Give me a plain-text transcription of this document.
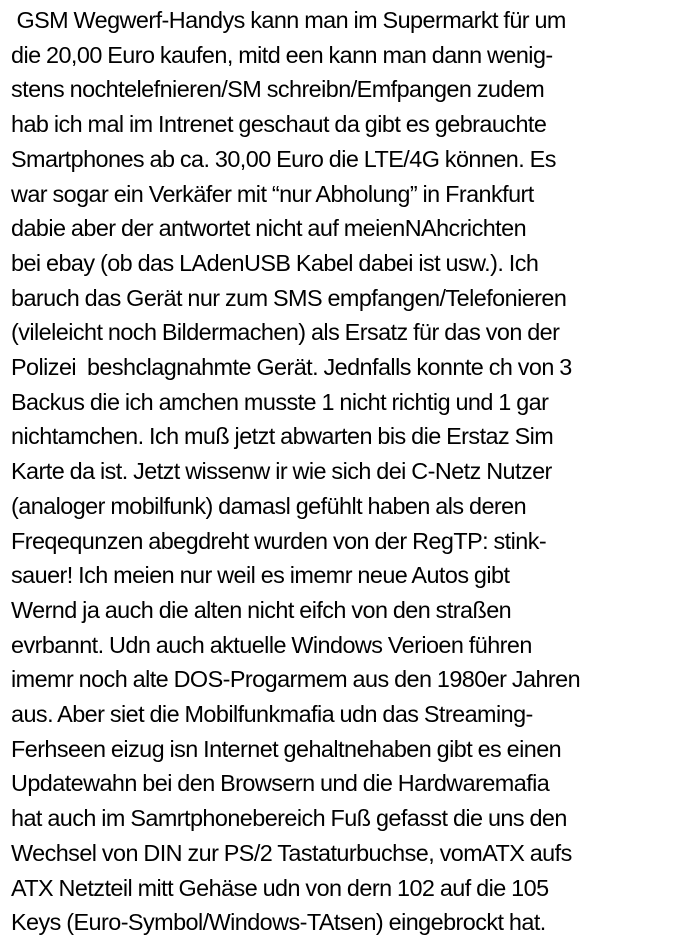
GSM Wegwerf-Handys kann man im Supermarkt für um
die 20,00 Euro kaufen, mitd een kann man dann wenig-
stens nochtelefnieren/SM schreibn/Emfpangen zudem
hab ich mal im Intrenet geschaut da gibt es gebrauchte
Smartphones ab ca. 30,00 Euro die LTE/4G können. Es
war sogar ein Verkäfer mit “nur Abholung” in Frankfurt
dabie aber der antwortet nicht auf meienNAhcrichten
bei ebay (ob das LAdenUSB Kabel dabei ist usw.). Ich
baruch das Gerät nur zum SMS empfangen/Telefonieren
(vileleicht noch Bildermachen) als Ersatz für das von der
Polizei  beshclagnahmte Gerät. Jednfalls konnte ch von 3
Backus die ich amchen musste 1 nicht richtig und 1 gar
nichtamchen. Ich muß jetzt abwarten bis die Erstaz Sim
Karte da ist. Jetzt wissenw ir wie sich dei C-Netz Nutzer
(analoger mobilfunk) damasl gefühlt haben als deren
Freqequnzen abegdreht wurden von der RegTP: stink-
sauer! Ich meien nur weil es imemr neue Autos gibt
Wernd ja auch die alten nicht eifch von den straßen
evrbannt. Udn auch aktuelle Windows Verioen führen
imemr noch alte DOS-Progarmem aus den 1980er Jahren
aus. Aber siet die Mobilfunkmafia udn das Streaming-
Ferhseen eizug isn Internet gehaltnehaben gibt es einen
Updatewahn bei den Browsern und die Hardwaremafia
hat auch im Samrtphonebereich Fuß gefasst die uns den
Wechsel von DIN zur PS/2 Tastaturbuchse, vomATX aufs
ATX Netzteil mitt Gehäse udn von dern 102 auf die 105
Keys (Euro-Symbol/Windows-TAtsen) eingebrockt hat.
